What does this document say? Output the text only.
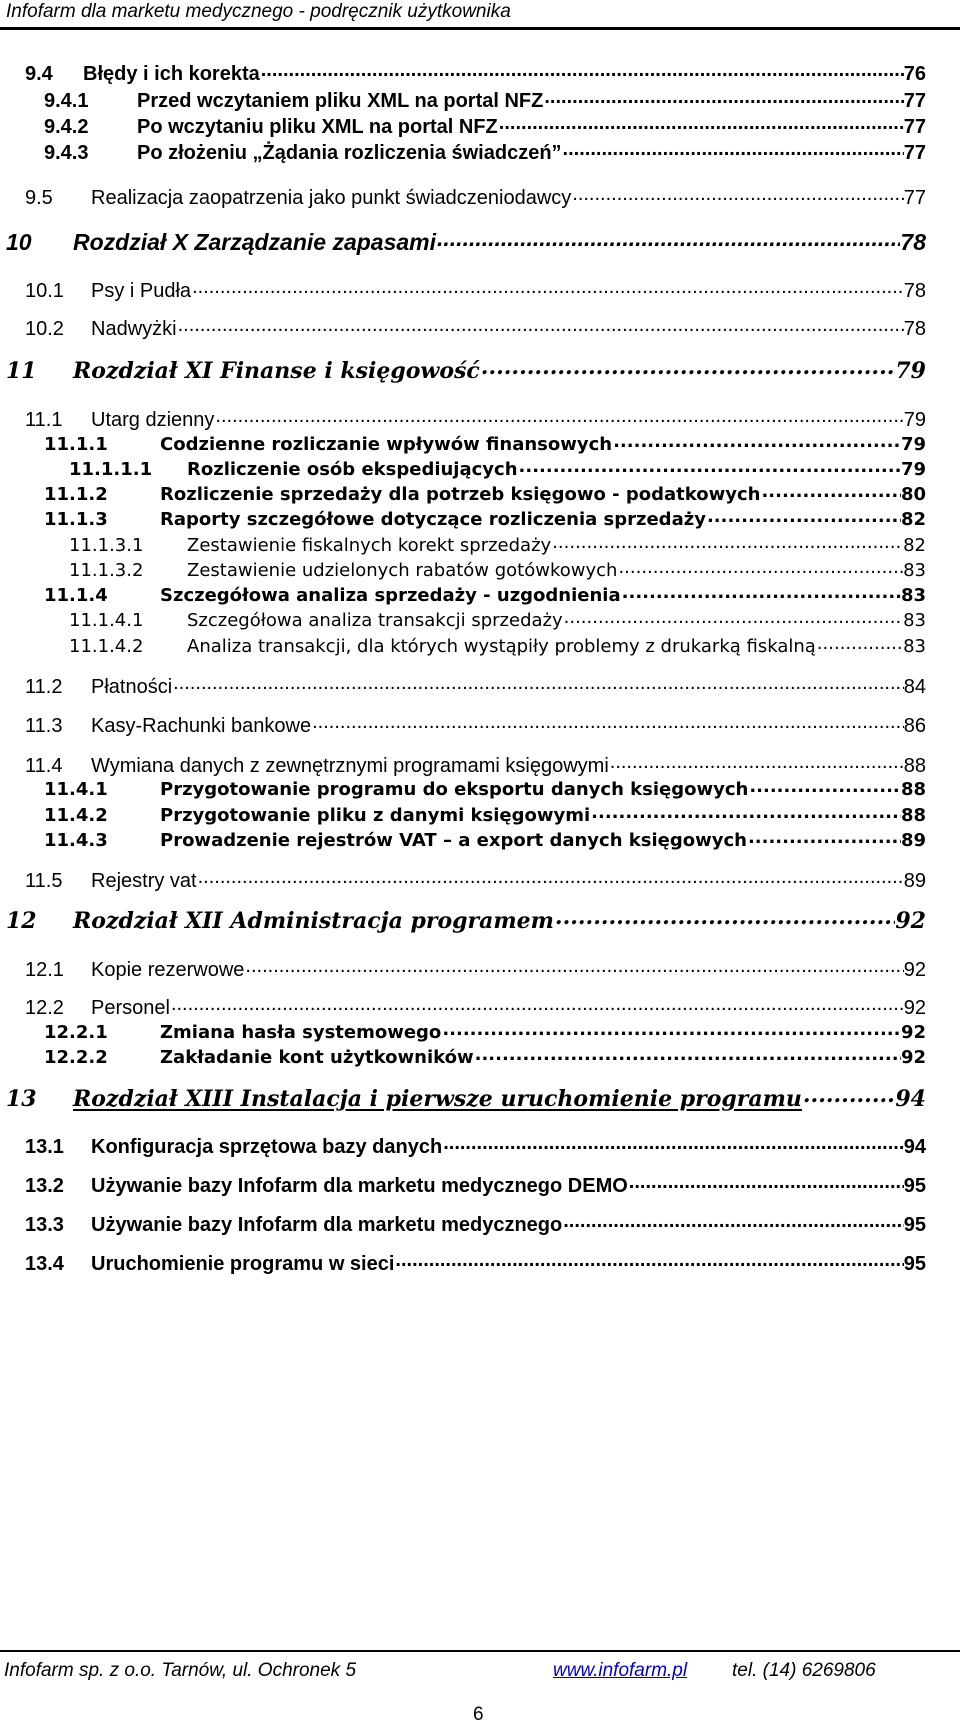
Infofarm dla marketu medycznego - podręcznik użytkownika
9.4	Błędy i ich korekta .....	76
9.4.1	Przed wczytaniem pliku XML na portal NFZ .....	77
9.4.2	Po wczytaniu pliku XML na portal NFZ .....	77
9.4.3	Po złożeniu „Żądania rozliczenia świadczeń” .....	77
9.5	Realizacja zaopatrzenia jako punkt świadczeniodawcy .....	77
10	Rozdział X Zarządzanie zapasami .....	78
10.1	Psy i Pudła .....	78
10.2	Nadwyżki .....	78
11	Rozdział XI Finanse i księgowość .....	79
11.1	Utarg dzienny .....	79
11.1.1	Codzienne rozliczanie wpływów finansowych .....	79
11.1.1.1	Rozliczenie osób ekspediujących .....	79
11.1.2	Rozliczenie sprzedaży dla potrzeb księgowo - podatkowych .....	80
11.1.3	Raporty szczegółowe dotyczące rozliczenia sprzedaży .....	82
11.1.3.1	Zestawienie fiskalnych korekt sprzedaży .....	82
11.1.3.2	Zestawienie udzielonych rabatów gotówkowych .....	83
11.1.4	Szczegółowa analiza sprzedaży - uzgodnienia .....	83
11.1.4.1	Szczegółowa analiza transakcji sprzedaży .....	83
11.1.4.2	Analiza transakcji, dla których wystąpiły problemy z drukarką fiskalną .....	83
11.2	Płatności .....	84
11.3	Kasy-Rachunki bankowe .....	86
11.4	Wymiana danych z zewnętrznymi programami księgowymi .....	88
11.4.1	Przygotowanie programu do eksportu danych księgowych .....	88
11.4.2	Przygotowanie pliku z danymi księgowymi .....	88
11.4.3	Prowadzenie rejestrów VAT – a export danych księgowych .....	89
11.5	Rejestry vat .....	89
12	Rozdział XII Administracja programem .....	92
12.1	Kopie rezerwowe .....	92
12.2	Personel .....	92
12.2.1	Zmiana hasła systemowego .....	92
12.2.2	Zakładanie kont użytkowników .....	92
13	Rozdział XIII Instalacja i pierwsze uruchomienie programu .....	94
13.1	Konfiguracja sprzętowa bazy danych .....	94
13.2	Używanie bazy Infofarm dla marketu medycznego DEMO .....	95
13.3	Używanie bazy Infofarm dla marketu medycznego .....	95
13.4	Uruchomienie programu w sieci .....	95
Infofarm sp. z o.o. Tarnów, ul. Ochronek 5	www.infofarm.pl tel. (14) 6269806
6
